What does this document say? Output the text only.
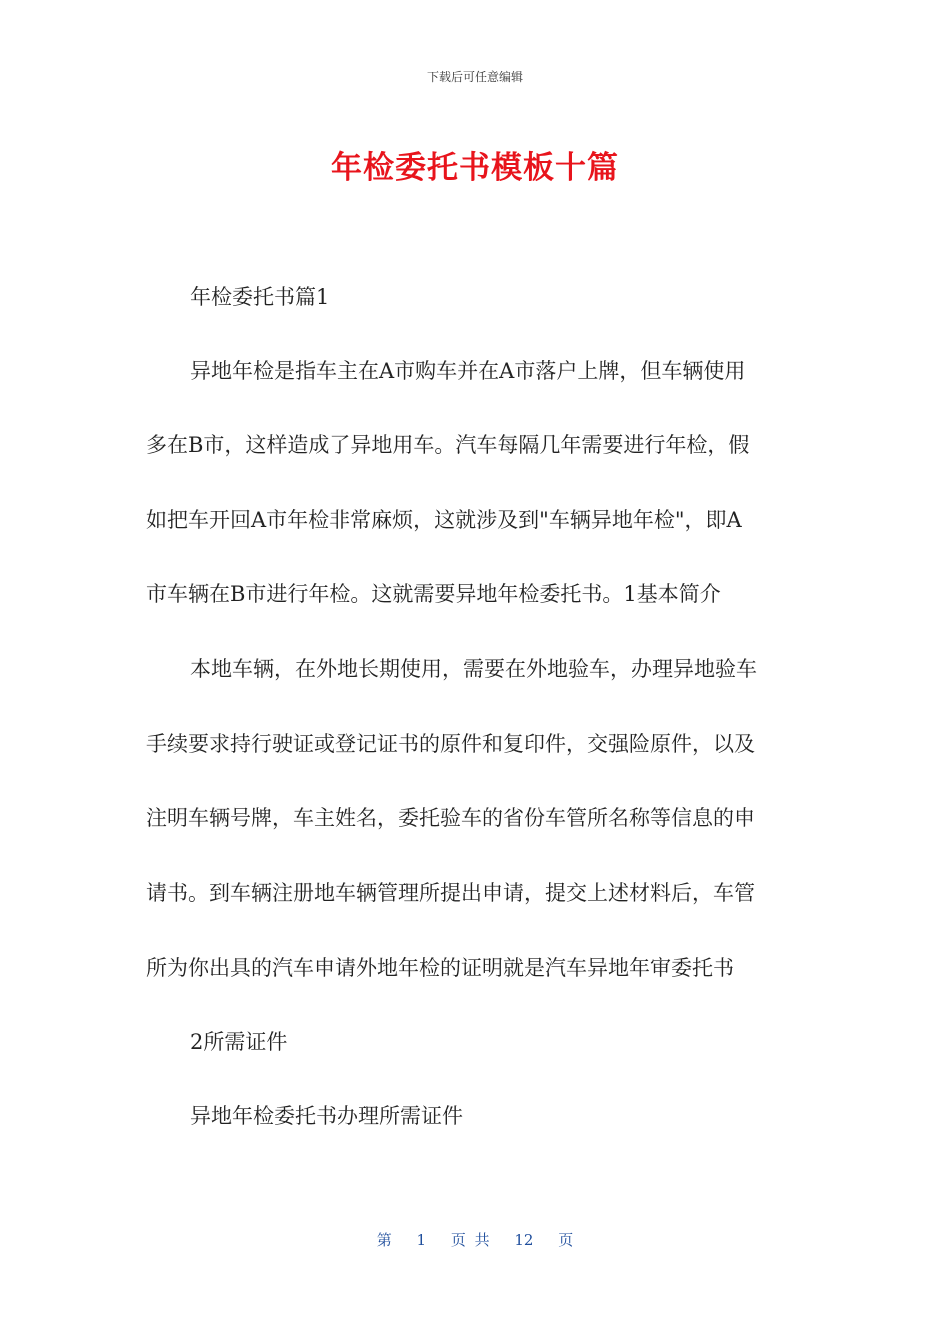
下载后可任意编辑
年检委托书模板十篇
年检委托书篇1
异地年检是指车主在A市购车并在A市落户上牌，但车辆使用
多在B市，这样造成了异地用车。汽车每隔几年需要进行年检，假
如把车开回A市年检非常麻烦，这就涉及到"车辆异地年检"，即A
市车辆在B市进行年检。这就需要异地年检委托书。1基本简介
本地车辆，在外地长期使用，需要在外地验车，办理异地验车
手续要求持行驶证或登记证书的原件和复印件，交强险原件，以及
注明车辆号牌，车主姓名，委托验车的省份车管所名称等信息的申
请书。到车辆注册地车辆管理所提出申请，提交上述材料后，车管
所为你出具的汽车申请外地年检的证明就是汽车异地年审委托书
2所需证件
异地年检委托书办理所需证件
第 1 页 共 12 页
